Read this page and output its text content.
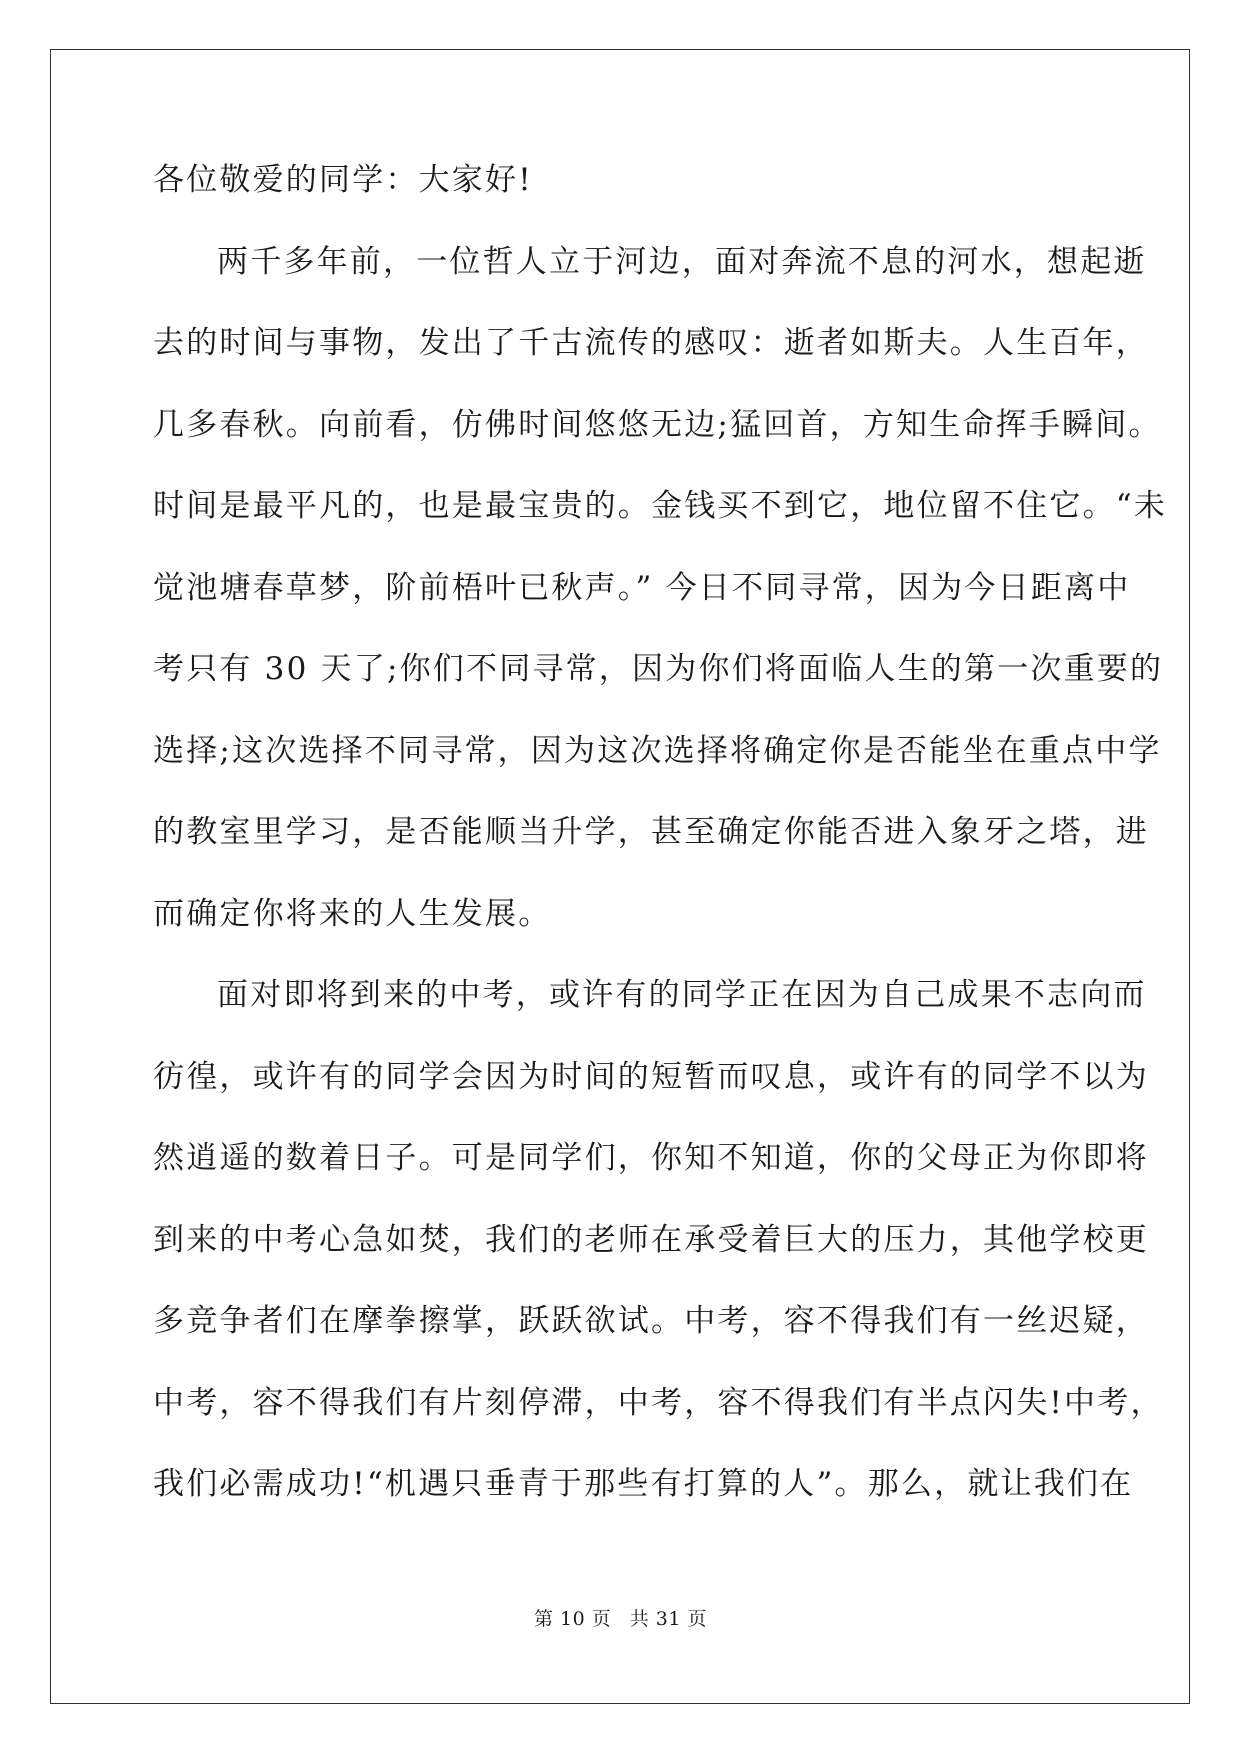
各位敬爱的同学：大家好!
两千多年前，一位哲人立于河边，面对奔流不息的河水，想起逝
去的时间与事物，发出了千古流传的感叹：逝者如斯夫。人生百年，
几多春秋。向前看，仿佛时间悠悠无边;猛回首，方知生命挥手瞬间。
时间是最平凡的，也是最宝贵的。金钱买不到它，地位留不住它。“未
觉池塘春草梦，阶前梧叶已秋声。” 今日不同寻常，因为今日距离中
考只有 30 天了;你们不同寻常，因为你们将面临人生的第一次重要的
选择;这次选择不同寻常，因为这次选择将确定你是否能坐在重点中学
的教室里学习，是否能顺当升学，甚至确定你能否进入象牙之塔，进
而确定你将来的人生发展。
面对即将到来的中考，或许有的同学正在因为自己成果不志向而
彷徨，或许有的同学会因为时间的短暂而叹息，或许有的同学不以为
然逍遥的数着日子。可是同学们，你知不知道，你的父母正为你即将
到来的中考心急如焚，我们的老师在承受着巨大的压力，其他学校更
多竞争者们在摩拳擦掌，跃跃欲试。中考，容不得我们有一丝迟疑，
中考，容不得我们有片刻停滞，中考，容不得我们有半点闪失!中考，
我们必需成功!“机遇只垂青于那些有打算的人”。那么，就让我们在
第 10 页 共 31 页
